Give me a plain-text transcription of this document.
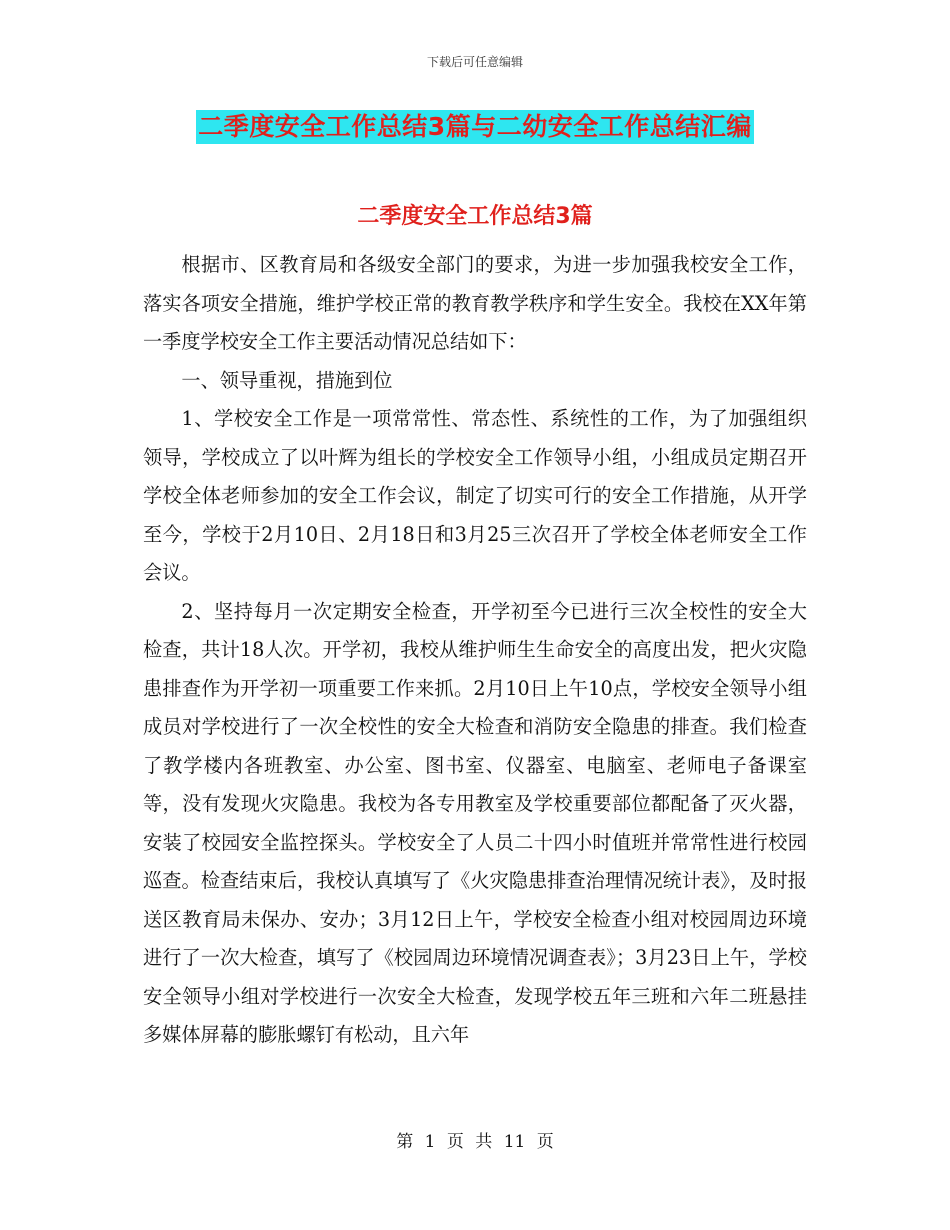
下载后可任意编辑
二季度安全工作总结3篇与二幼安全工作总结汇编
二季度安全工作总结3篇

根据市、区教育局和各级安全部门的要求，为进一步加强我校安全工作，落实各项安全措施，维护学校正常的教育教学秩序和学生安全。我校在XX年第一季度学校安全工作主要活动情况总结如下：

一、领导重视，措施到位

1、学校安全工作是一项常常性、常态性、系统性的工作，为了加强组织领导，学校成立了以叶辉为组长的学校安全工作领导小组，小组成员定期召开学校全体老师参加的安全工作会议，制定了切实可行的安全工作措施，从开学至今，学校于2月10日、2月18日和3月25三次召开了学校全体老师安全工作会议。

2、坚持每月一次定期安全检查，开学初至今已进行三次全校性的安全大检查，共计18人次。开学初，我校从维护师生生命安全的高度出发，把火灾隐患排查作为开学初一项重要工作来抓。2月10日上午10点，学校安全领导小组成员对学校进行了一次全校性的安全大检查和消防安全隐患的排查。我们检查了教学楼内各班教室、办公室、图书室、仪器室、电脑室、老师电子备课室等，没有发现火灾隐患。我校为各专用教室及学校重要部位都配备了灭火器，安装了校园安全监控探头。学校安全了人员二十四小时值班并常常性进行校园巡查。检查结束后，我校认真填写了《火灾隐患排查治理情况统计表》，及时报送区教育局未保办、安办；3月12日上午，学校安全检查小组对校园周边环境进行了一次大检查，填写了《校园周边环境情况调查表》；3月23日上午，学校安全领导小组对学校进行一次安全大检查，发现学校五年三班和六年二班悬挂多媒体屏幕的膨胀螺钉有松动，且六年

第 1 页 共 11 页
